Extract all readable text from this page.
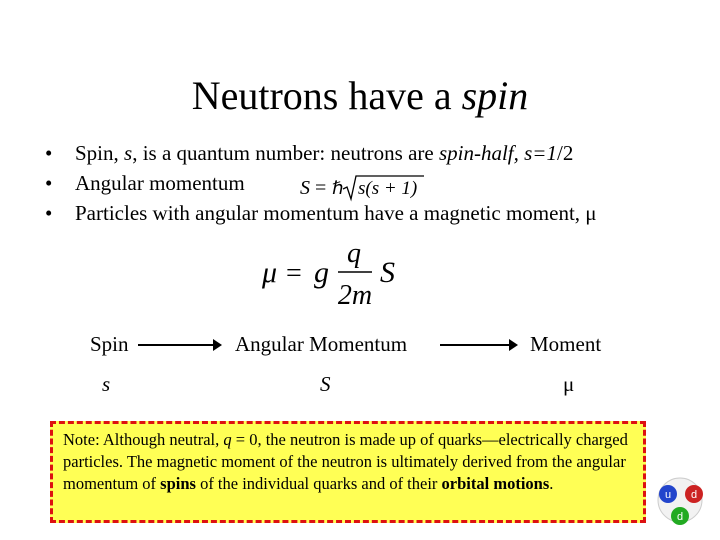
Neutrons have a spin
• Spin, s, is a quantum number: neutrons are spin-half, s=1/2
• Angular momentum
• Particles with angular momentum have a magnetic moment, μ
S = ℏ s(s + 1)
μ = g
q
2m
S
Spin	Angular Momentum	Moment
s	S	μ
Note: Although neutral, q = 0, the neutron is made up of quarks—electrically charged particles. The magnetic moment of the neutron is ultimately derived from the angular momentum of spins of the individual quarks and of their orbital motions.
u d
d
